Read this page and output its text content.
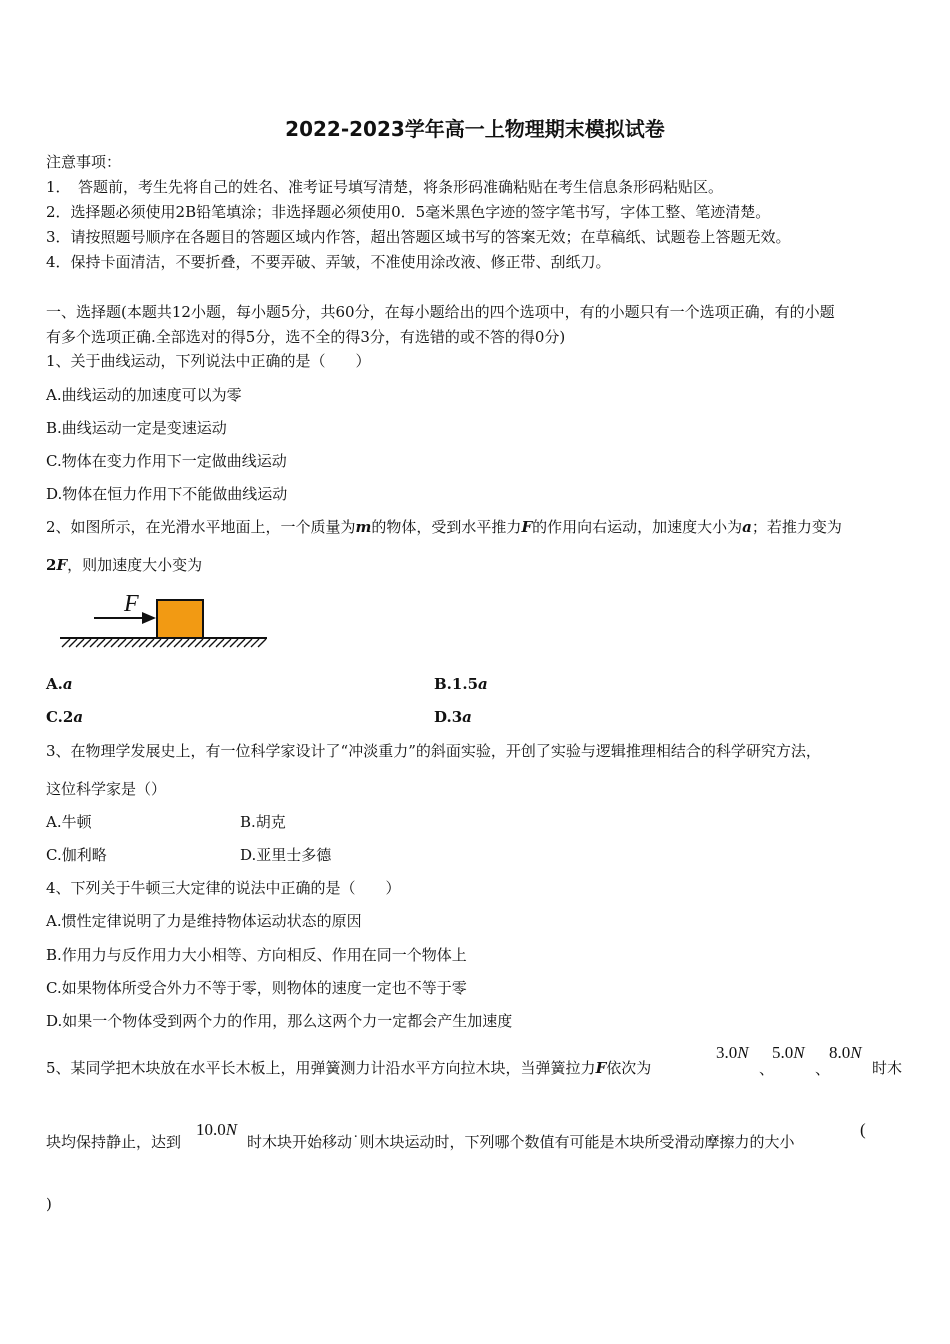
2022-2023学年高一上物理期末模拟试卷
注意事项：
1．　答题前，考生先将自己的姓名、准考证号填写清楚，将条形码准确粘贴在考生信息条形码粘贴区。
2．选择题必须使用2B铅笔填涂；非选择题必须使用0．5毫米黑色字迹的签字笔书写，字体工整、笔迹清楚。
3．请按照题号顺序在各题目的答题区域内作答，超出答题区域书写的答案无效；在草稿纸、试题卷上答题无效。
4．保持卡面清洁，不要折叠，不要弄破、弄皱，不准使用涂改液、修正带、刮纸刀。
一、选择题(本题共12小题，每小题5分，共60分，在每小题给出的四个选项中，有的小题只有一个选项正确，有的小题
有多个选项正确.全部选对的得5分，选不全的得3分，有选错的或不答的得0分)
1、关于曲线运动，下列说法中正确的是（　　）
A.曲线运动的加速度可以为零
B.曲线运动一定是变速运动
C.物体在变力作用下一定做曲线运动
D.物体在恒力作用下不能做曲线运动
2、如图所示，在光滑水平地面上，一个质量为m的物体，受到水平推力F的作用向右运动，加速度大小为a；若推力变为
2F，则加速度大小变为
F
A.a	B.1.5a
C.2a	D.3a
3、在物理学发展史上，有一位科学家设计了“冲淡重力”的斜面实验，开创了实验与逻辑推理相结合的科学研究方法，
这位科学家是（）
A.牛顿	B.胡克
C.伽利略	D.亚里士多德
4、下列关于牛顿三大定律的说法中正确的是（　　）
A.惯性定律说明了力是维持物体运动状态的原因
B.作用力与反作用力大小相等、方向相反、作用在同一个物体上
C.如果物体所受合外力不等于零，则物体的速度一定也不等于零
D.如果一个物体受到两个力的作用，那么这两个力一定都会产生加速度
5、某同学把木块放在水平长木板上，用弹簧测力计沿水平方向拉木块，当弹簧拉力F依次为
3.0N
、
5.0N
、
8.0N
时木
块均保持静止，达到
10.0N
时木块开始移动˙则木块运动时，下列哪个数值有可能是木块所受滑动摩擦力的大小
(
)
